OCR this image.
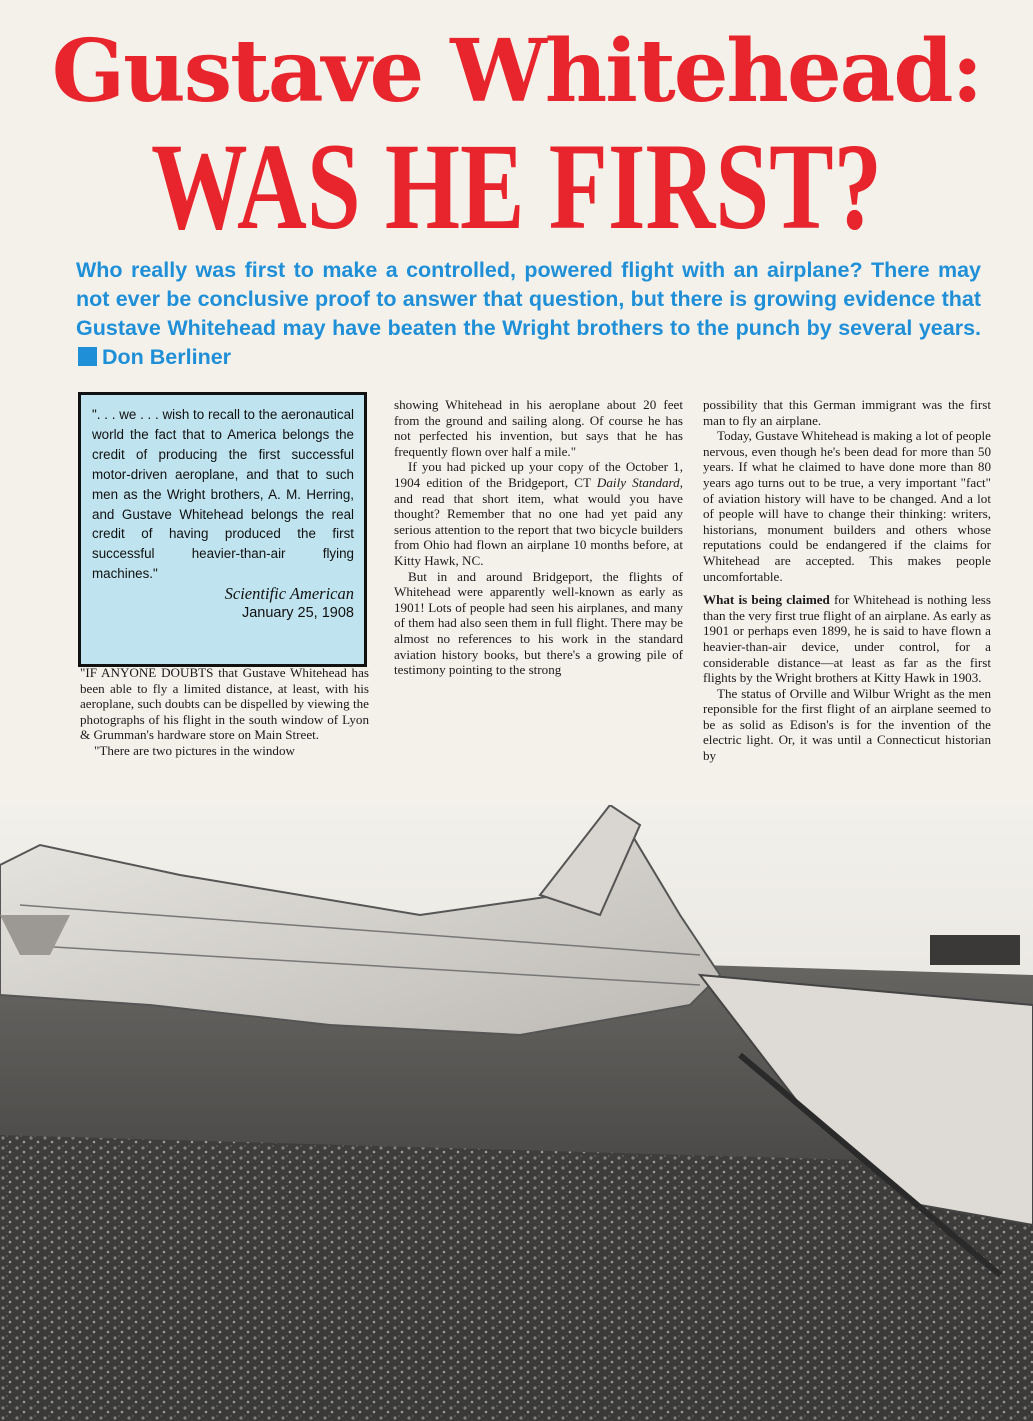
Gustave Whitehead:
WAS HE FIRST?
Who really was first to make a controlled, powered flight with an airplane? There may not ever be conclusive proof to answer that question, but there is growing evidence that Gustave Whitehead may have beaten the Wright brothers to the punch by several years. Don Berliner
". . . we . . . wish to recall to the aeronautical world the fact that to America belongs the credit of producing the first successful motor-driven aeroplane, and that to such men as the Wright brothers, A. M. Herring, and Gustave Whitehead belongs the real credit of having produced the first successful heavier-than-air flying machines."
Scientific American
January 25, 1908

"IF ANYONE DOUBTS that Gustave Whitehead has been able to fly a limited distance, at least, with his aeroplane, such doubts can be dispelled by viewing the photographs of his flight in the south window of Lyon & Grumman's hardware store on Main Street.

"There are two pictures in the window

showing Whitehead in his aeroplane about 20 feet from the ground and sailing along. Of course he has not perfected his invention, but says that he has frequently flown over half a mile."

If you had picked up your copy of the October 1, 1904 edition of the Bridgeport, CT Daily Standard, and read that short item, what would you have thought? Remember that no one had yet paid any serious attention to the report that two bicycle builders from Ohio had flown an airplane 10 months before, at Kitty Hawk, NC.

But in and around Bridgeport, the flights of Whitehead were apparently well-known as early as 1901! Lots of people had seen his airplanes, and many of them had also seen them in full flight. There may be almost no references to his work in the standard aviation history books, but there's a growing pile of testimony pointing to the strong

possibility that this German immigrant was the first man to fly an airplane.

Today, Gustave Whitehead is making a lot of people nervous, even though he's been dead for more than 50 years. If what he claimed to have done more than 80 years ago turns out to be true, a very important "fact" of aviation history will have to be changed. And a lot of people will have to change their thinking: writers, historians, monument builders and others whose reputations could be endangered if the claims for Whitehead are accepted. This makes people uncomfortable.

What is being claimed for Whitehead is nothing less than the very first true flight of an airplane. As early as 1901 or perhaps even 1899, he is said to have flown a heavier-than-air device, under control, for a considerable distance—at least as far as the first flights by the Wright brothers at Kitty Hawk in 1903.

The status of Orville and Wilbur Wright as the men reponsible for the first flight of an airplane seemed to be as solid as Edison's is for the invention of the electric light. Or, it was until a Connecticut historian by
